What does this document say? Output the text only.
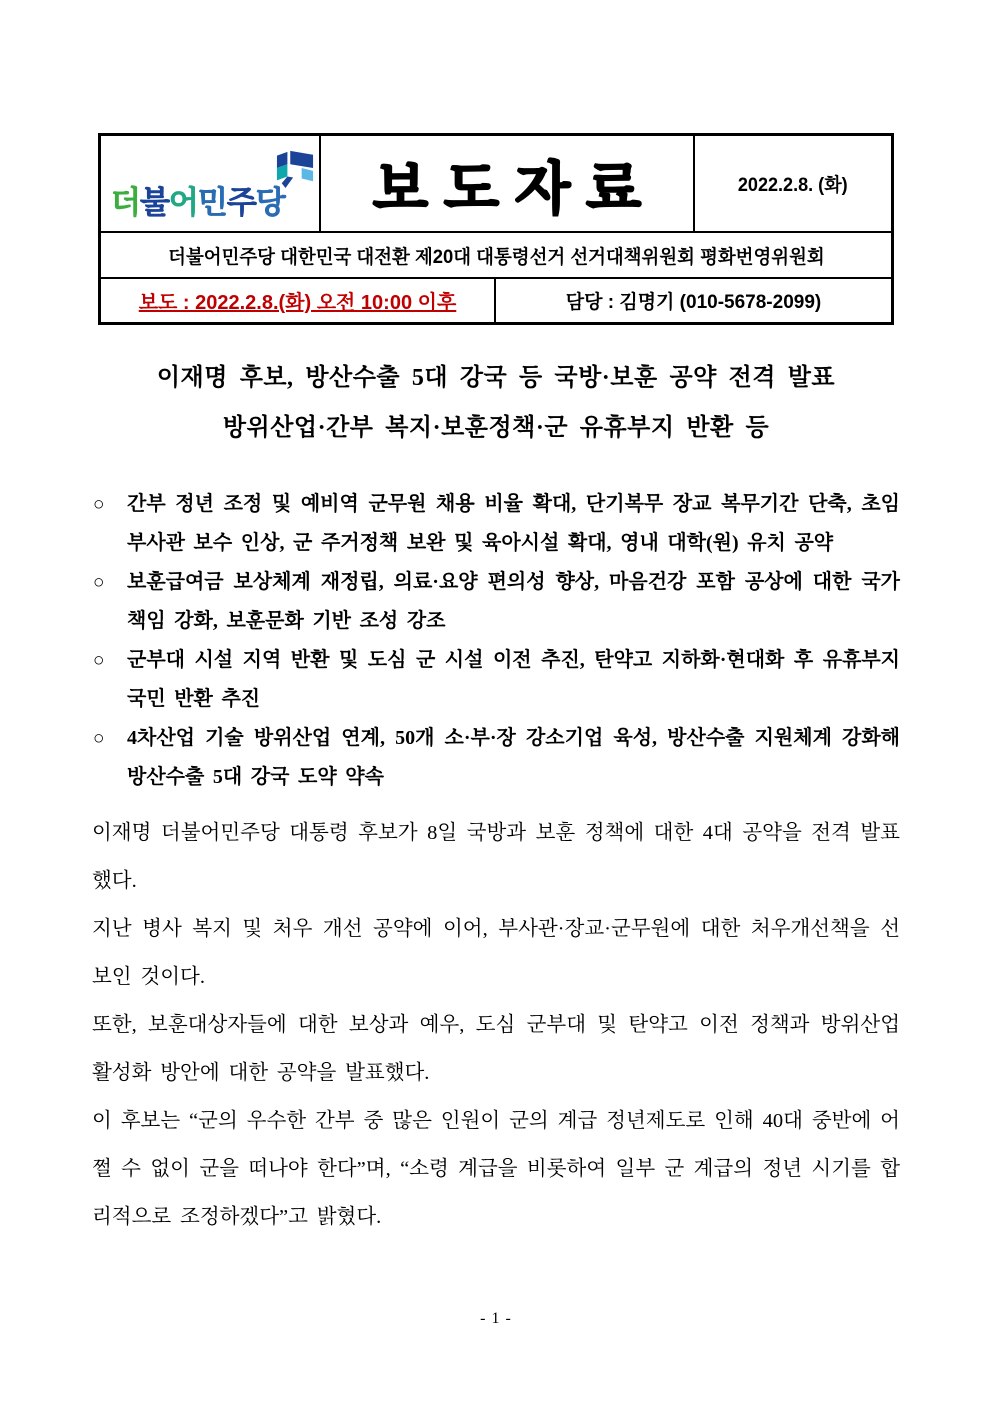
더불어민주당 보도자료	2022.2.8. (화)
더불어민주당 대한민국 대전환 제20대 대통령선거 선거대책위원회 평화번영위원회
보도 : 2022.2.8.(화) 오전 10:00 이후	담당 : 김명기 (010-5678-2099)
이재명 후보, 방산수출 5대 강국 등 국방·보훈 공약 전격 발표
방위산업·간부 복지·보훈정책·군 유휴부지 반환 등
○ 간부 정년 조정 및 예비역 군무원 채용 비율 확대, 단기복무 장교 복무기간 단축, 초임 부사관 보수 인상, 군 주거정책 보완 및 육아시설 확대, 영내 대학(원) 유치 공약
○ 보훈급여금 보상체계 재정립, 의료·요양 편의성 향상, 마음건강 포함 공상에 대한 국가 책임 강화, 보훈문화 기반 조성 강조
○ 군부대 시설 지역 반환 및 도심 군 시설 이전 추진, 탄약고 지하화·현대화 후 유휴부지 국민 반환 추진
○ 4차산업 기술 방위산업 연계, 50개 소·부·장 강소기업 육성, 방산수출 지원체계 강화해 방산수출 5대 강국 도약 약속

이재명 더불어민주당 대통령 후보가 8일 국방과 보훈 정책에 대한 4대 공약을 전격 발표했다.

지난 병사 복지 및 처우 개선 공약에 이어, 부사관·장교·군무원에 대한 처우개선책을 선보인 것이다.

또한, 보훈대상자들에 대한 보상과 예우, 도심 군부대 및 탄약고 이전 정책과 방위산업 활성화 방안에 대한 공약을 발표했다.

이 후보는 “군의 우수한 간부 중 많은 인원이 군의 계급 정년제도로 인해 40대 중반에 어쩔 수 없이 군을 떠나야 한다”며, “소령 계급을 비롯하여 일부 군 계급의 정년 시기를 합리적으로 조정하겠다”고 밝혔다.

- 1 -
